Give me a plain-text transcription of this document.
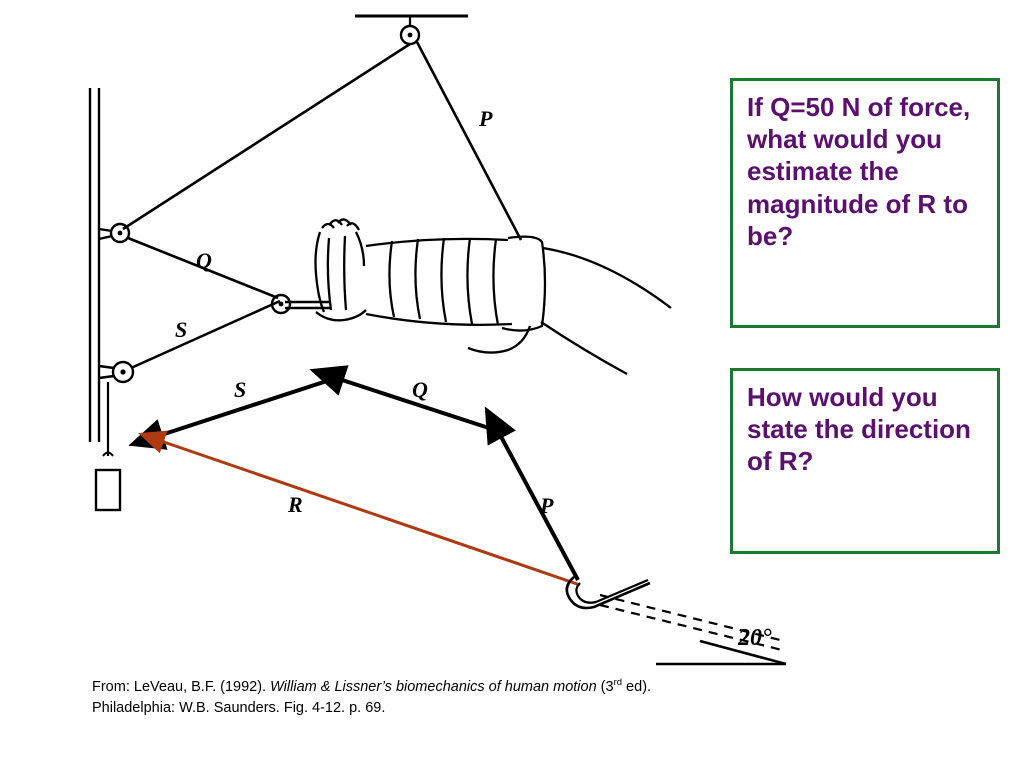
P
Q
S
S	Q
P
R
20°
If Q=50 N of force, what would you estimate the magnitude of R to be?
How would you state the direction of R?
From: LeVeau, B.F. (1992). William & Lissner’s biomechanics of human motion (3rd ed).
Philadelphia: W.B. Saunders. Fig. 4-12. p. 69.
